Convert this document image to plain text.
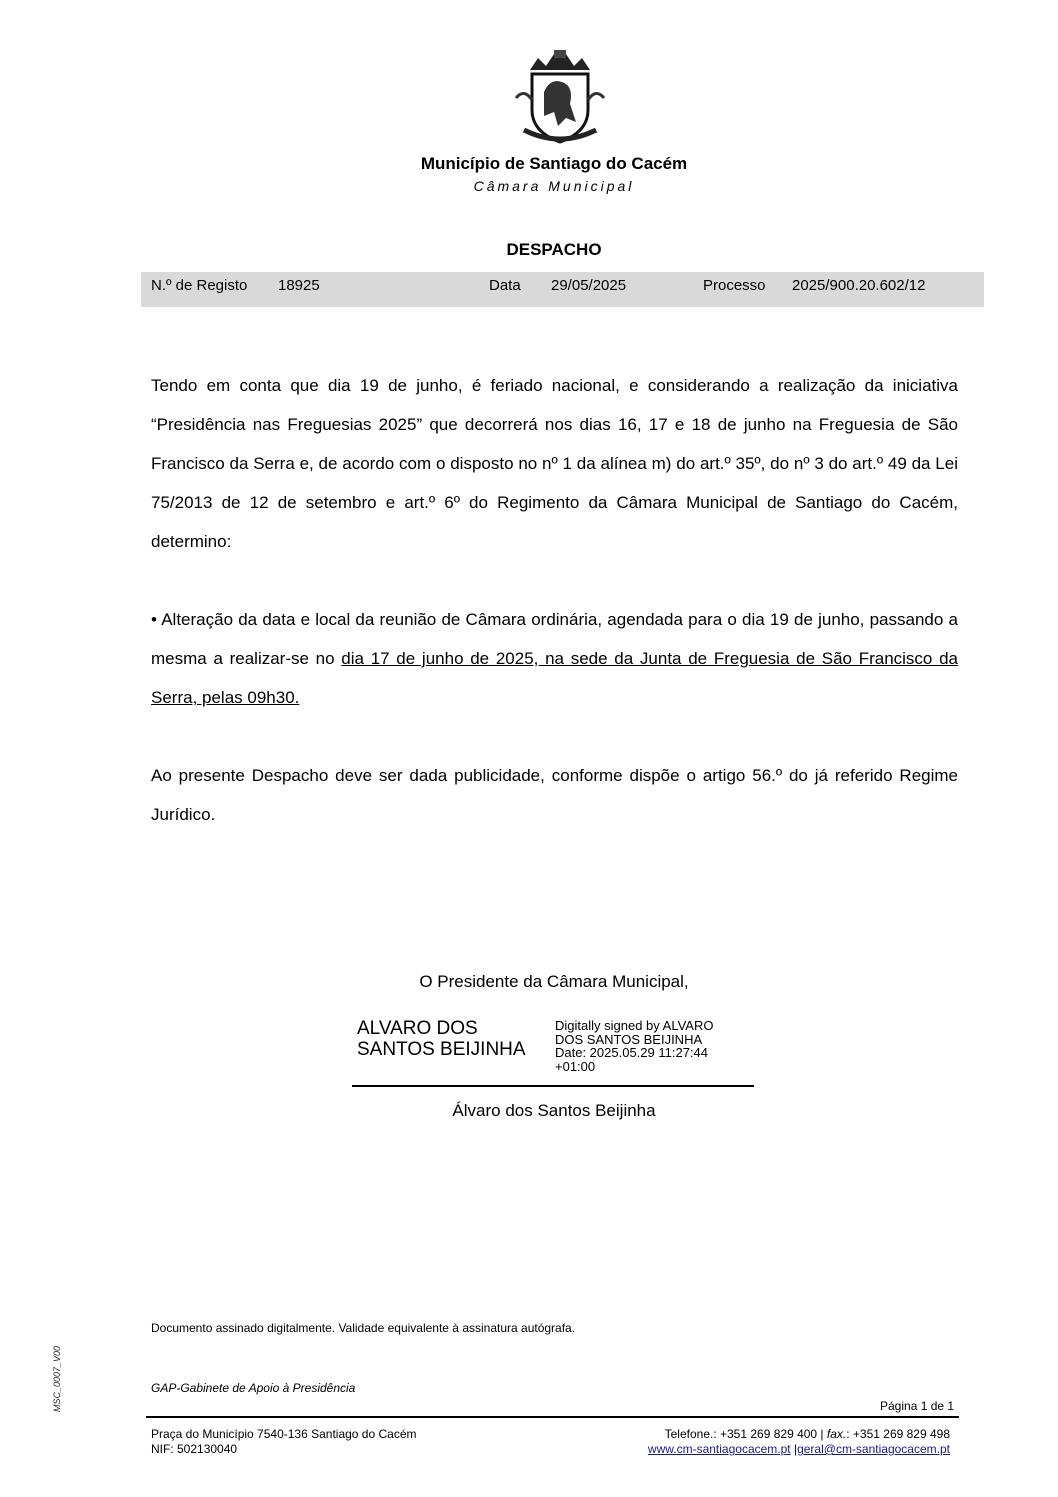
Município de Santiago do Cacém
Câmara Municipal
DESPACHO
N.º de Registo 18925	Data 29/05/2025	Processo 2025/900.20.602/12
Tendo em conta que dia 19 de junho, é feriado nacional, e considerando a realização da iniciativa “Presidência nas Freguesias 2025” que decorrerá nos dias 16, 17 e 18 de junho na Freguesia de São Francisco da Serra e, de acordo com o disposto no nº 1 da alínea m) do art.º 35º, do nº 3 do art.º 49 da Lei 75/2013 de 12 de setembro e art.º 6º do Regimento da Câmara Municipal de Santiago do Cacém, determino:
• Alteração da data e local da reunião de Câmara ordinária, agendada para o dia 19 de junho, passando a mesma a realizar-se no dia 17 de junho de 2025, na sede da Junta de Freguesia de São Francisco da Serra, pelas 09h30.
Ao presente Despacho deve ser dada publicidade, conforme dispõe o artigo 56.º do já referido Regime Jurídico.
O Presidente da Câmara Municipal,
ALVARO DOS
SANTOS BEIJINHA
Digitally signed by ALVARO
DOS SANTOS BEIJINHA
Date: 2025.05.29 11:27:44
+01:00
Álvaro dos Santos Beijinha
Documento assinado digitalmente. Validade equivalente à assinatura autógrafa.
MSC_0007_V00	GAP-Gabinete de Apoio à Presidência
Página 1 de 1
Praça do Município 7540-136 Santiago do Cacém
NIF: 502130040
Telefone.: +351 269 829 400 | fax.: +351 269 829 498
www.cm-santiagocacem.pt |geral@cm-santiagocacem.pt
